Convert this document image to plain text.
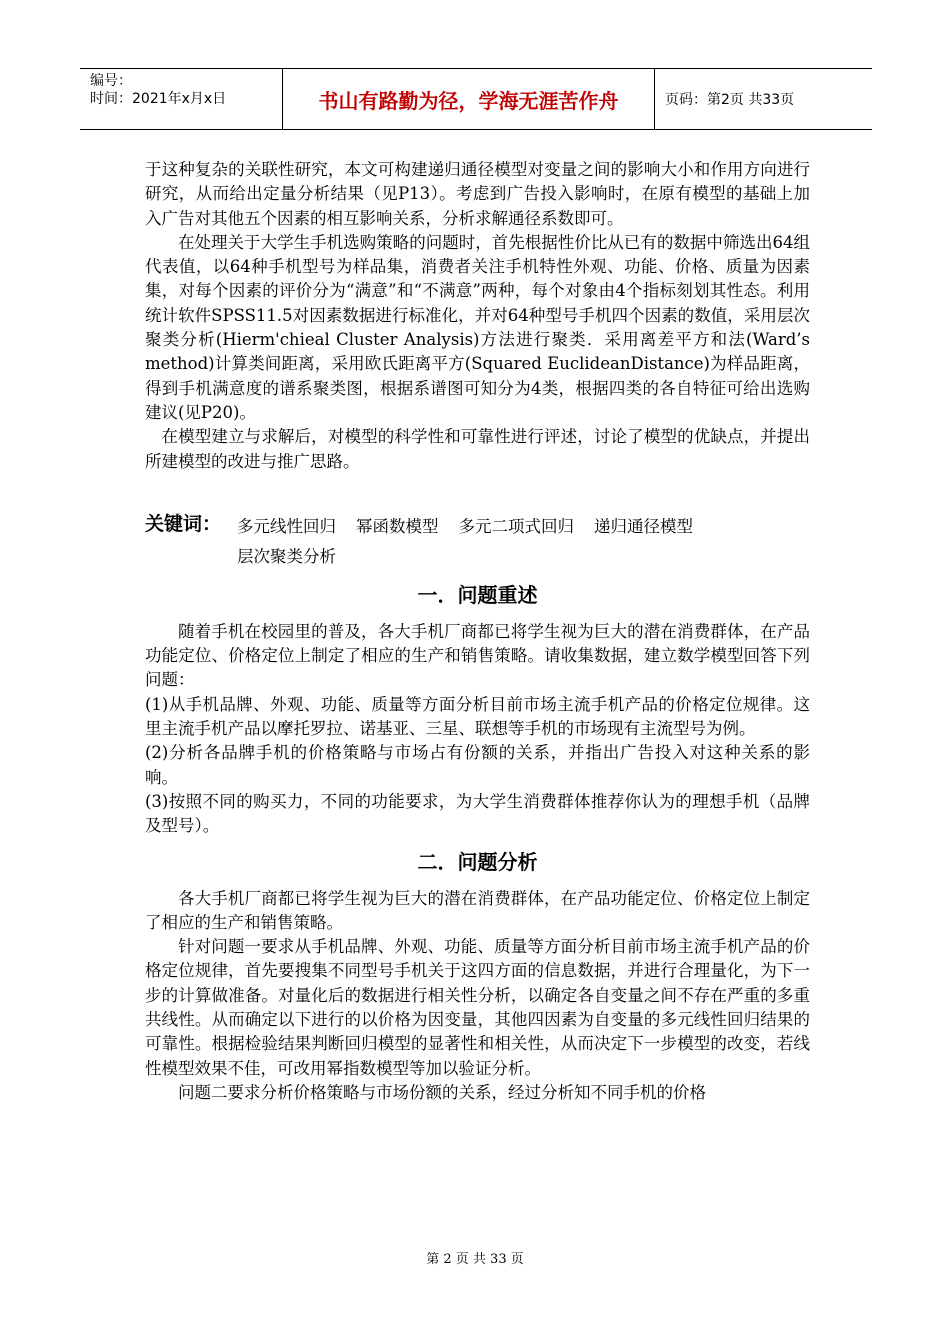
编号：
时间：2021年x月x日	书山有路勤为径，学海无涯苦作舟	页码：第2页 共33页

于这种复杂的关联性研究，本文可构建递归通径模型对变量之间的影响大小和作用方向进行研究，从而给出定量分析结果（见P13）。考虑到广告投入影响时，在原有模型的基础上加入广告对其他五个因素的相互影响关系，分析求解通径系数即可。

在处理关于大学生手机选购策略的问题时，首先根据性价比从已有的数据中筛选出64组代表值，以64种手机型号为样品集，消费者关注手机特性外观、功能、价格、质量为因素集，对每个因素的评价分为“满意”和“不满意”两种，每个对象由4个指标刻划其性态。利用统计软件SPSS11.5对因素数据进行标准化，并对64种型号手机四个因素的数值，采用层次聚类分析(Hierm'chieal Cluster Analysis)方法进行聚类．采用离差平方和法(Ward’s method)计算类间距离，采用欧氏距离平方(Squared EuclideanDistance)为样品距离，得到手机满意度的谱系聚类图，根据系谱图可知分为4类，根据四类的各自特征可给出选购建议(见P20)。

在模型建立与求解后，对模型的科学性和可靠性进行评述，讨论了模型的优缺点，并提出所建模型的改进与推广思路。

关键词： 多元线性回归 幂函数模型 多元二项式回归 递归通径模型
层次聚类分析
一．问题重述

随着手机在校园里的普及，各大手机厂商都已将学生视为巨大的潜在消费群体，在产品功能定位、价格定位上制定了相应的生产和销售策略。请收集数据，建立数学模型回答下列问题：

(1)从手机品牌、外观、功能、质量等方面分析目前市场主流手机产品的价格定位规律。这里主流手机产品以摩托罗拉、诺基亚、三星、联想等手机的市场现有主流型号为例。

(2)分析各品牌手机的价格策略与市场占有份额的关系，并指出广告投入对这种关系的影响。

(3)按照不同的购买力，不同的功能要求，为大学生消费群体推荐你认为的理想手机（品牌及型号）。

二．问题分析

各大手机厂商都已将学生视为巨大的潜在消费群体，在产品功能定位、价格定位上制定了相应的生产和销售策略。

针对问题一要求从手机品牌、外观、功能、质量等方面分析目前市场主流手机产品的价格定位规律，首先要搜集不同型号手机关于这四方面的信息数据，并进行合理量化，为下一步的计算做准备。对量化后的数据进行相关性分析，以确定各自变量之间不存在严重的多重共线性。从而确定以下进行的以价格为因变量，其他四因素为自变量的多元线性回归结果的可靠性。根据检验结果判断回归模型的显著性和相关性，从而决定下一步模型的改变，若线性模型效果不佳，可改用幂指数模型等加以验证分析。

问题二要求分析价格策略与市场份额的关系，经过分析知不同手机的价格

第 2 页 共 33 页
